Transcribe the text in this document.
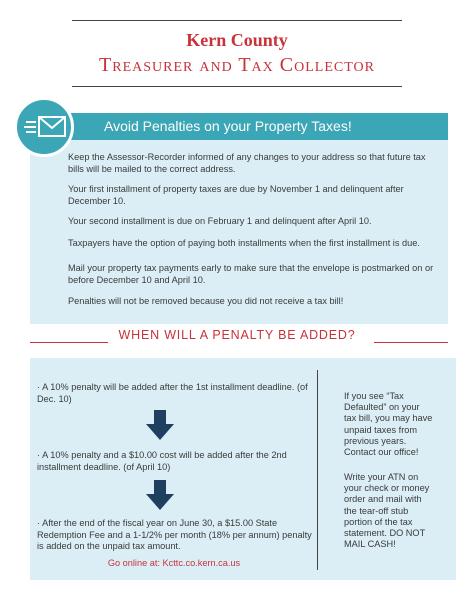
Kern County
Treasurer and Tax Collector
Avoid Penalties on your Property Taxes!
Keep the Assessor-Recorder informed of any changes to your address so that future tax bills will be mailed to the correct address.
Your first installment of property taxes are due by November 1 and delinquent after December 10.
Your second installment is due on February 1 and delinquent after April 10.
Taxpayers have the option of paying both installments when the first installment is due.
Mail your property tax payments early to make sure that the envelope is postmarked on or before December 10 and April 10.
Penalties will not be removed because you did not receive a tax bill!
WHEN WILL A PENALTY BE ADDED?
· A 10% penalty will be added after the 1st installment deadline. (of Dec. 10)
· A 10% penalty and a $10.00 cost will be added after the 2nd installment deadline. (of April 10)
· After the end of the fiscal year on June 30, a $15.00 State Redemption Fee and a 1-1/2% per month (18% per annum) penalty is added on the unpaid tax amount.
If you see “Tax Defaulted” on your tax bill, you may have unpaid taxes from previous years. Contact our office!
Write your ATN on your check or money order and mail with the tear-off stub portion of the tax statement. DO NOT MAIL CASH!
Go online at: Kcttc.co.kern.ca.us
